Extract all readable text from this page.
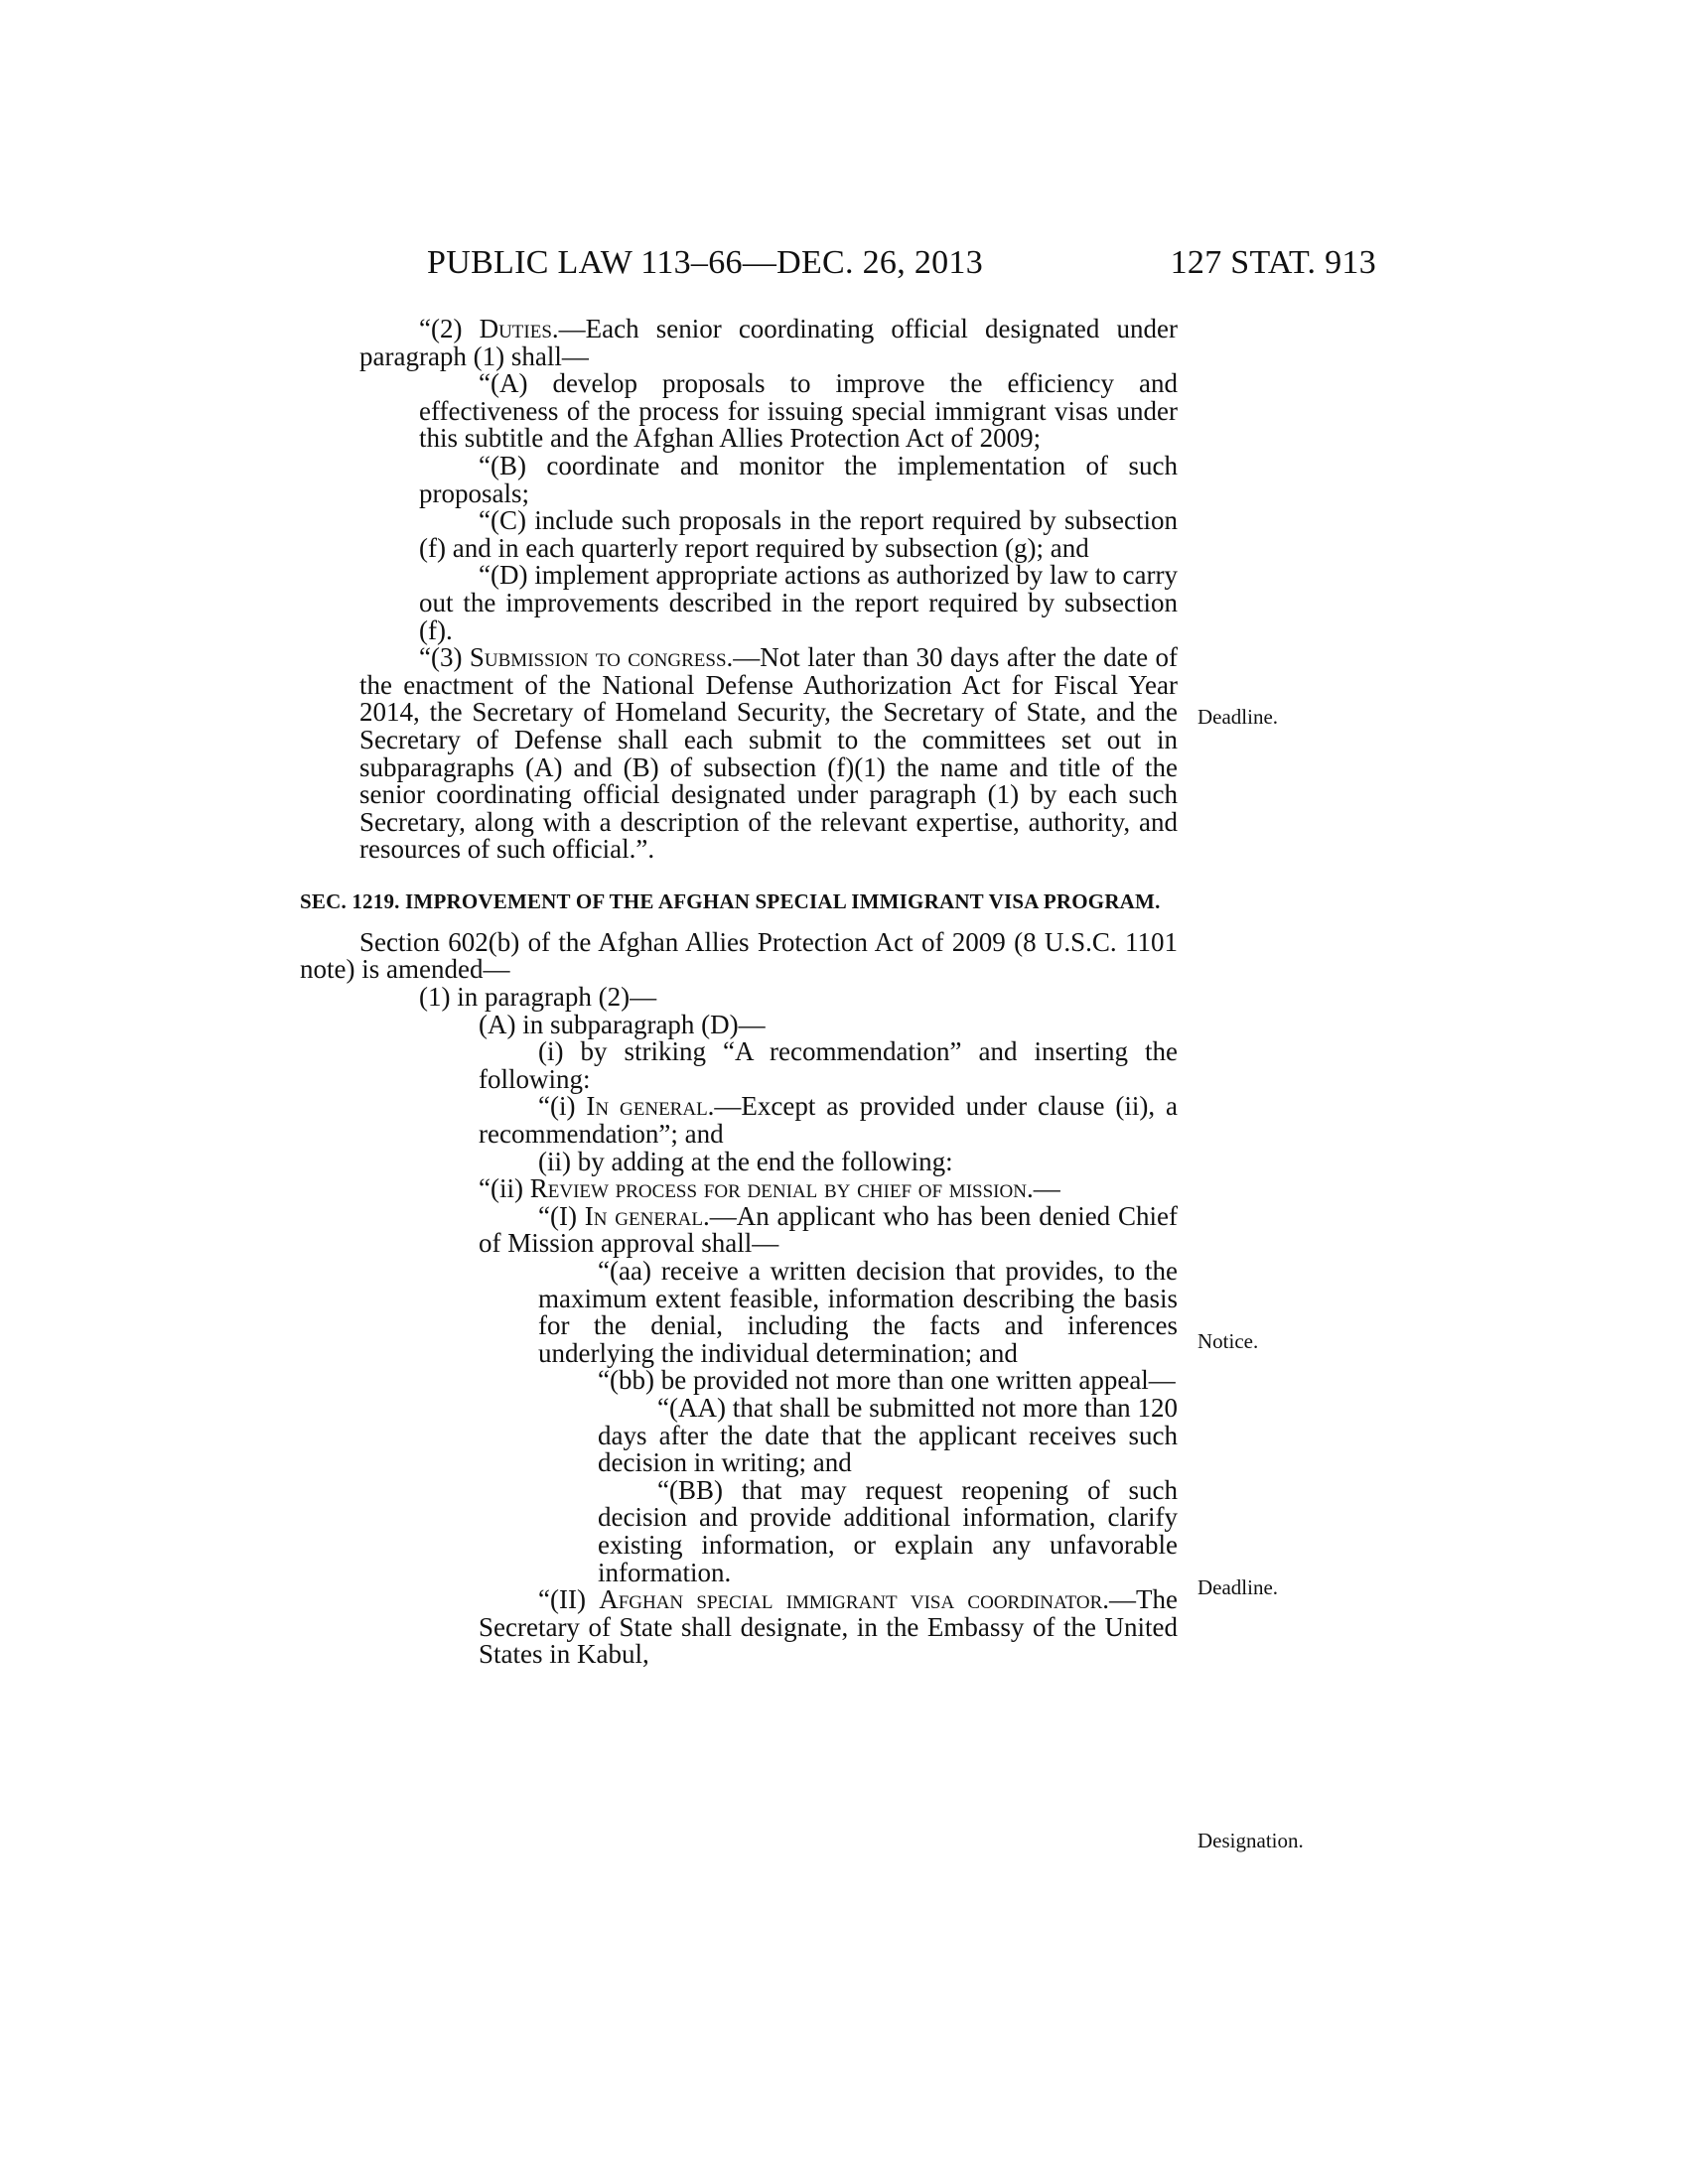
PUBLIC LAW 113–66—DEC. 26, 2013	127 STAT. 913
Deadline.
Notice.
Deadline.
Designation.

“(2) Duties.—Each senior coordinating official designated under paragraph (1) shall—

“(A) develop proposals to improve the efficiency and effectiveness of the process for issuing special immigrant visas under this subtitle and the Afghan Allies Protection Act of 2009;

“(B) coordinate and monitor the implementation of such proposals;

“(C) include such proposals in the report required by subsection (f) and in each quarterly report required by subsection (g); and

“(D) implement appropriate actions as authorized by law to carry out the improvements described in the report required by subsection (f).

“(3) Submission to congress.—Not later than 30 days after the date of the enactment of the National Defense Authorization Act for Fiscal Year 2014, the Secretary of Homeland Security, the Secretary of State, and the Secretary of Defense shall each submit to the committees set out in subparagraphs (A) and (B) of subsection (f)(1) the name and title of the senior coordinating official designated under paragraph (1) by each such Secretary, along with a description of the relevant expertise, authority, and resources of such official.”.

SEC. 1219. IMPROVEMENT OF THE AFGHAN SPECIAL IMMIGRANT VISA PROGRAM.

Section 602(b) of the Afghan Allies Protection Act of 2009 (8 U.S.C. 1101 note) is amended—

(1) in paragraph (2)—

(A) in subparagraph (D)—

(i) by striking “A recommendation” and inserting the following:

“(i) In general.—Except as provided under clause (ii), a recommendation”; and

(ii) by adding at the end the following:

“(ii) Review process for denial by chief of mission.—

“(I) In general.—An applicant who has been denied Chief of Mission approval shall—

“(aa) receive a written decision that provides, to the maximum extent feasible, information describing the basis for the denial, including the facts and inferences underlying the individual determination; and

“(bb) be provided not more than one written appeal—

“(AA) that shall be submitted not more than 120 days after the date that the applicant receives such decision in writing; and

“(BB) that may request reopening of such decision and provide additional information, clarify existing information, or explain any unfavorable information.

“(II) Afghan special immigrant visa coordinator.—The Secretary of State shall designate, in the Embassy of the United States in Kabul,
